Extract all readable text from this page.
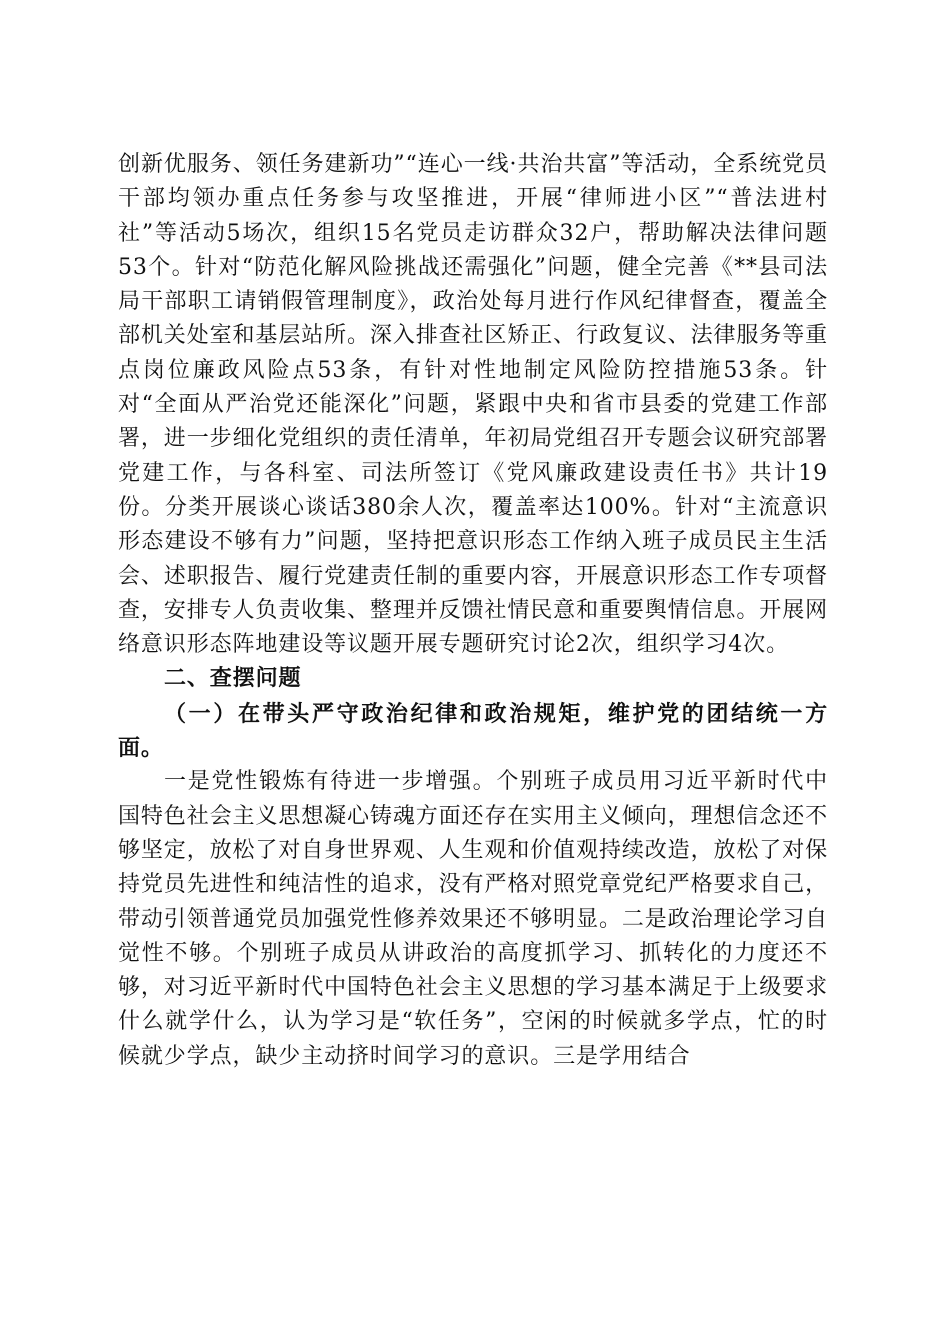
创新优服务、领任务建新功”“连心一线·共治共富”等活动，全系统党员干部均领办重点任务参与攻坚推进，开展“律师进小区”“普法进村社”等活动5场次，组织15名党员走访群众32户，帮助解决法律问题53个。针对“防范化解风险挑战还需强化”问题，健全完善《**县司法局干部职工请销假管理制度》，政治处每月进行作风纪律督查，覆盖全部机关处室和基层站所。深入排查社区矫正、行政复议、法律服务等重点岗位廉政风险点53条，有针对性地制定风险防控措施53条。针对“全面从严治党还能深化”问题，紧跟中央和省市县委的党建工作部署，进一步细化党组织的责任清单，年初局党组召开专题会议研究部署党建工作，与各科室、司法所签订《党风廉政建设责任书》共计19份。分类开展谈心谈话380余人次，覆盖率达100%。针对“主流意识形态建设不够有力”问题，坚持把意识形态工作纳入班子成员民主生活会、述职报告、履行党建责任制的重要内容，开展意识形态工作专项督查，安排专人负责收集、整理并反馈社情民意和重要舆情信息。开展网络意识形态阵地建设等议题开展专题研究讨论2次，组织学习4次。

二、查摆问题

（一）在带头严守政治纪律和政治规矩，维护党的团结统一方面。

一是党性锻炼有待进一步增强。个别班子成员用习近平新时代中国特色社会主义思想凝心铸魂方面还存在实用主义倾向，理想信念还不够坚定，放松了对自身世界观、人生观和价值观持续改造，放松了对保持党员先进性和纯洁性的追求，没有严格对照党章党纪严格要求自己，带动引领普通党员加强党性修养效果还不够明显。二是政治理论学习自觉性不够。个别班子成员从讲政治的高度抓学习、抓转化的力度还不够，对习近平新时代中国特色社会主义思想的学习基本满足于上级要求什么就学什么，认为学习是“软任务”，空闲的时候就多学点，忙的时候就少学点，缺少主动挤时间学习的意识。三是学用结合
